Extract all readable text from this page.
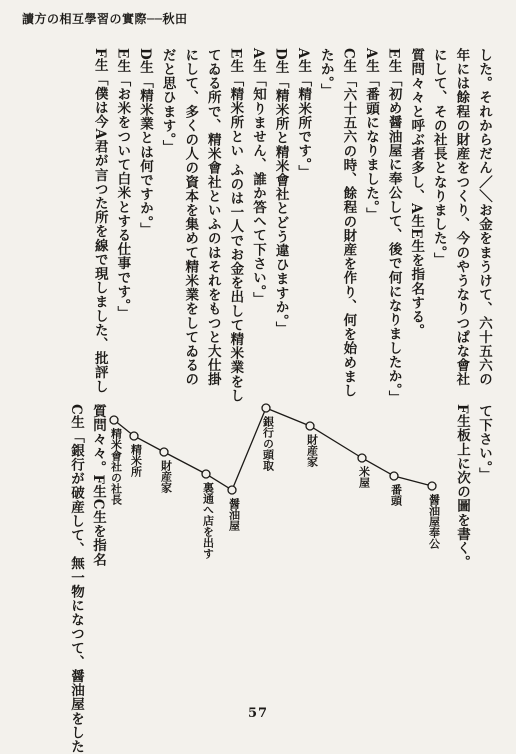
讀方の相互學習の實際──秋田
した。それからだん／＼お金をまうけて、六十五六の
年には餘程の財産をつくり、今のやうなりつぱな會社
にして、その社長となりました。」
質問々々と呼ぶ者多し、A生E生を指名する。
E生「初め醤油屋に奉公して、後で何になりましたか。」
A生「番頭になりました。」
C生「六十五六の時、餘程の財産を作り、何を始めまし
たか。」
A生「精米所です。」
D生「精米所と精米會社とどう違ひますか。」
A生「知りません、誰か答へて下さい。」
E生「精米所とい ふのは一人でお金を出して精米業をし
てゐる所で、精米會社といふのはそれをもつと大仕掛
にして、多くの人の資本を集めて精米業をしてゐるの
だと思ひます。」
D生「精米業とは何ですか。」
E生「お米をついて白米とする仕事です。」
F生「僕は今A君が言つた所を線で現しました、批評し
て下さい。」
F生板上に次の圖を書く。
質問々々。F生C生を指名
C生「銀行が破産して、無一物になつて、醤油屋をした	醤油屋奉公
番頭
米屋
財産家
銀行の頭取
醤油屋
裏通へ店を出す
財産家
精米所
精米會社の社長
57
